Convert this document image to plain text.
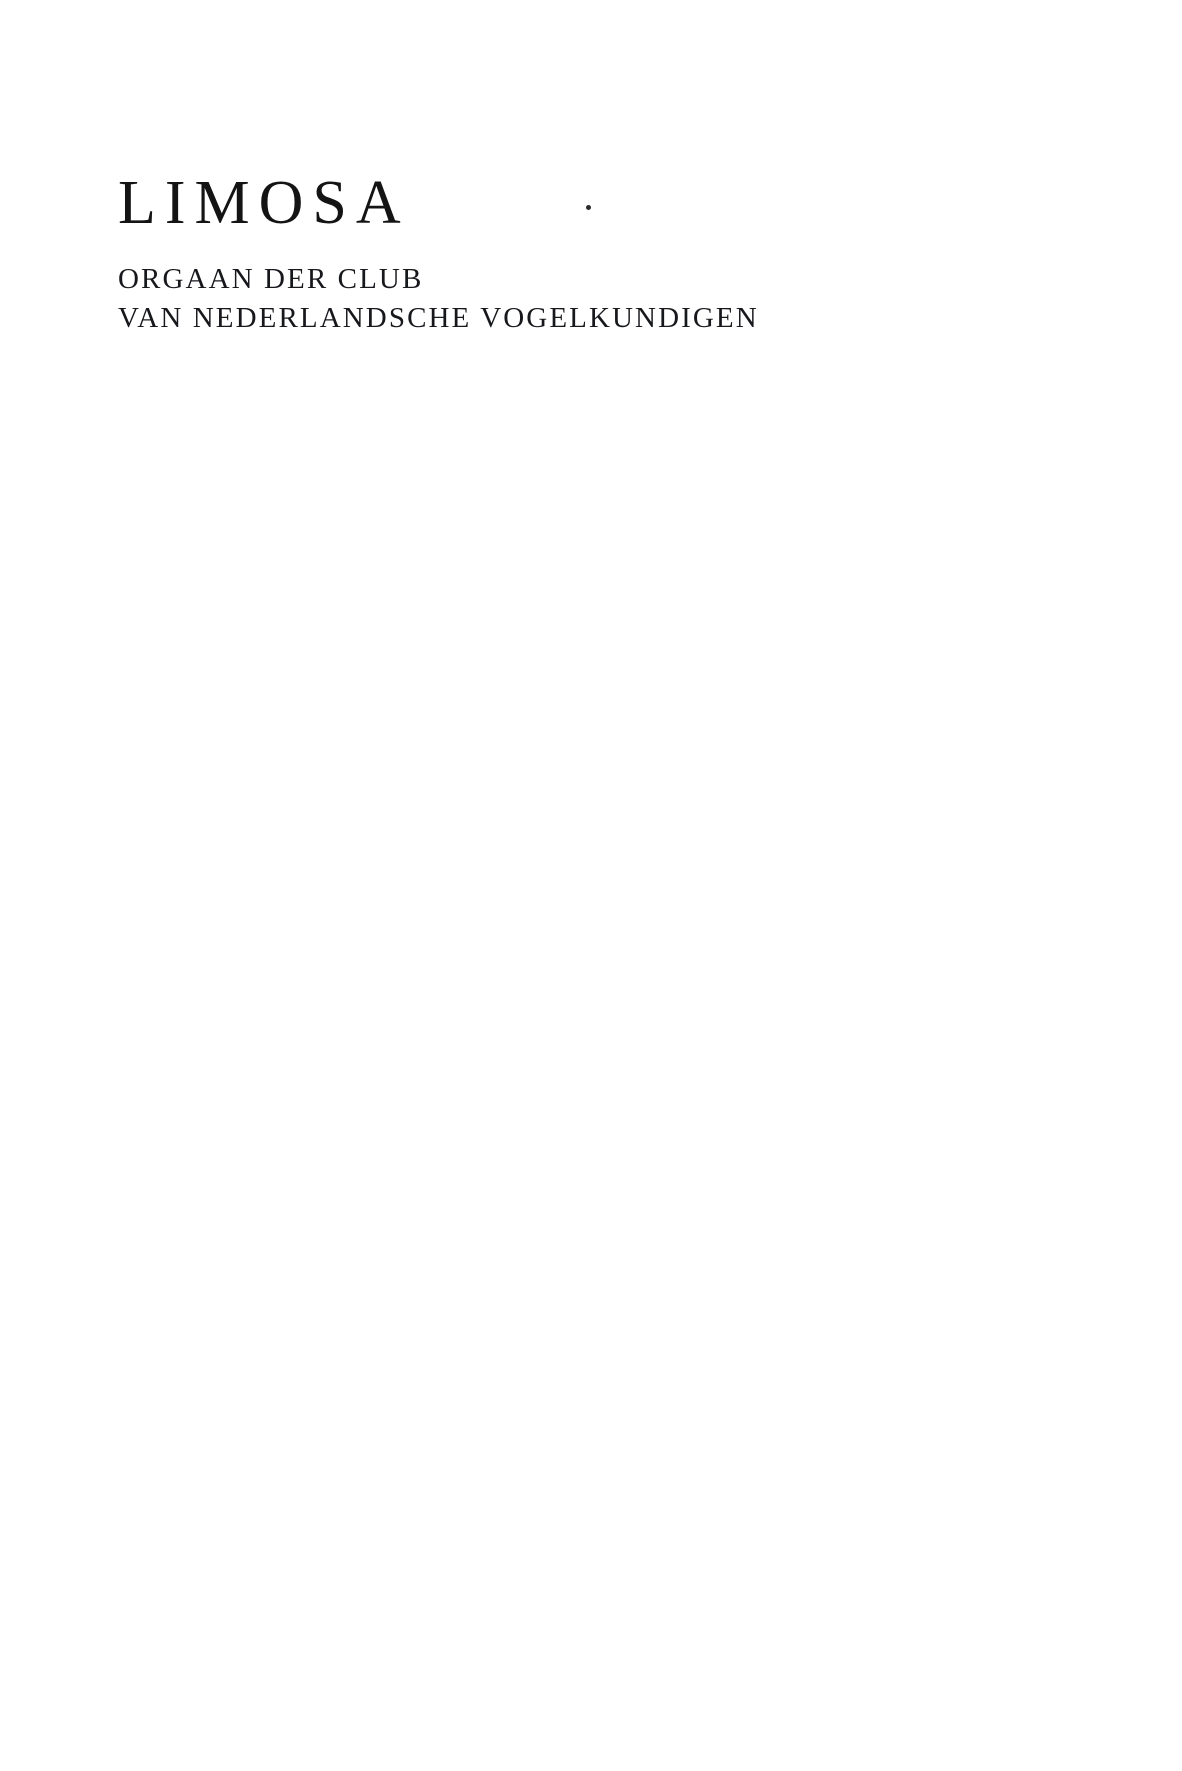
LIMOSA
ORGAAN DER CLUB
VAN NEDERLANDSCHE VOGELKUNDIGEN
